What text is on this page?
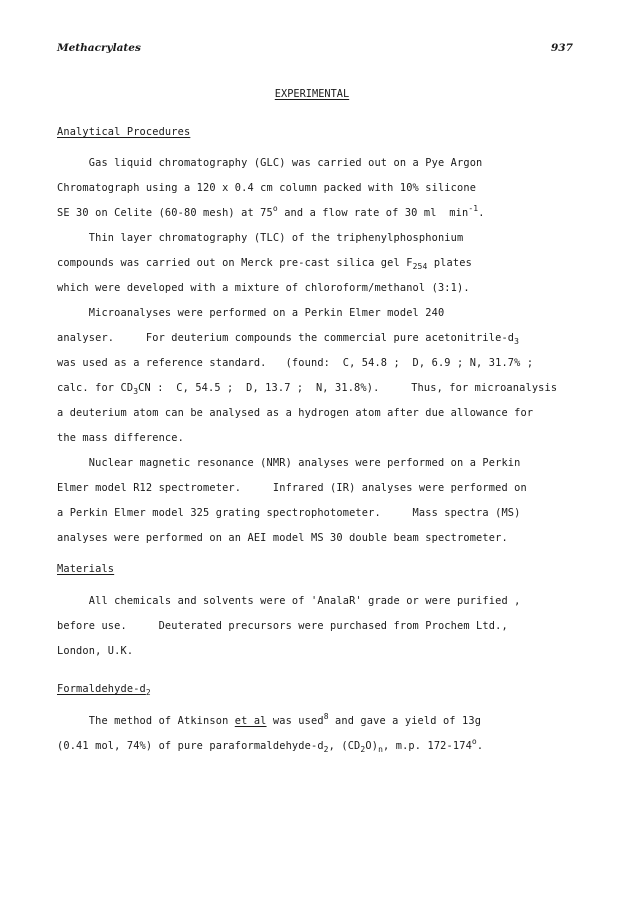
Methacrylates	937
EXPERIMENTAL
Analytical Procedures
Gas liquid chromatography (GLC) was carried out on a Pye Argon
Chromatograph using a 120 x 0.4 cm column packed with 10% silicone
SE 30 on Celite (60-80 mesh) at 75$^o$ and a flow rate of 30 ml  $\min^{-1}$.
Thin layer chromatography (TLC) of the triphenylphosphonium
compounds was carried out on Merck pre-cast silica gel $F_{254}$ plates
which were developed with a mixture of chloroform/methanol (3:1).
Microanalyses were performed on a Perkin Elmer model 240
analyser.     For deuterium compounds the commercial pure acetonitrile-$d_3$
was used as a reference standard.   (found:  C, 54.8 ;  D, 6.9 ; N, 31.7% ;
calc. for $CD_3CN$ :  C, 54.5 ;  D, 13.7 ;  N, 31.8%).     Thus, for microanalysis
a deuterium atom can be analysed as a hydrogen atom after due allowance for
the mass difference.
Nuclear magnetic resonance (NMR) analyses were performed on a Perkin
Elmer model R12 spectrometer.     Infrared (IR) analyses were performed on
a Perkin Elmer model 325 grating spectrophotometer.     Mass spectra (MS)
analyses were performed on an AEI model MS 30 double beam spectrometer.
Materials
All chemicals and solvents were of 'AnalaR' grade or were purified ,
before use.     Deuterated precursors were purchased from Prochem Ltd.,
London, U.K.
Formaldehyde-$d_2$
The method of Atkinson et al was used$^8$ and gave a yield of 13g
(0.41 mol, 74%) of pure paraformaldehyde-$d_2$, $(CD_2O)_n$, m.p. 172-174$^o$.
